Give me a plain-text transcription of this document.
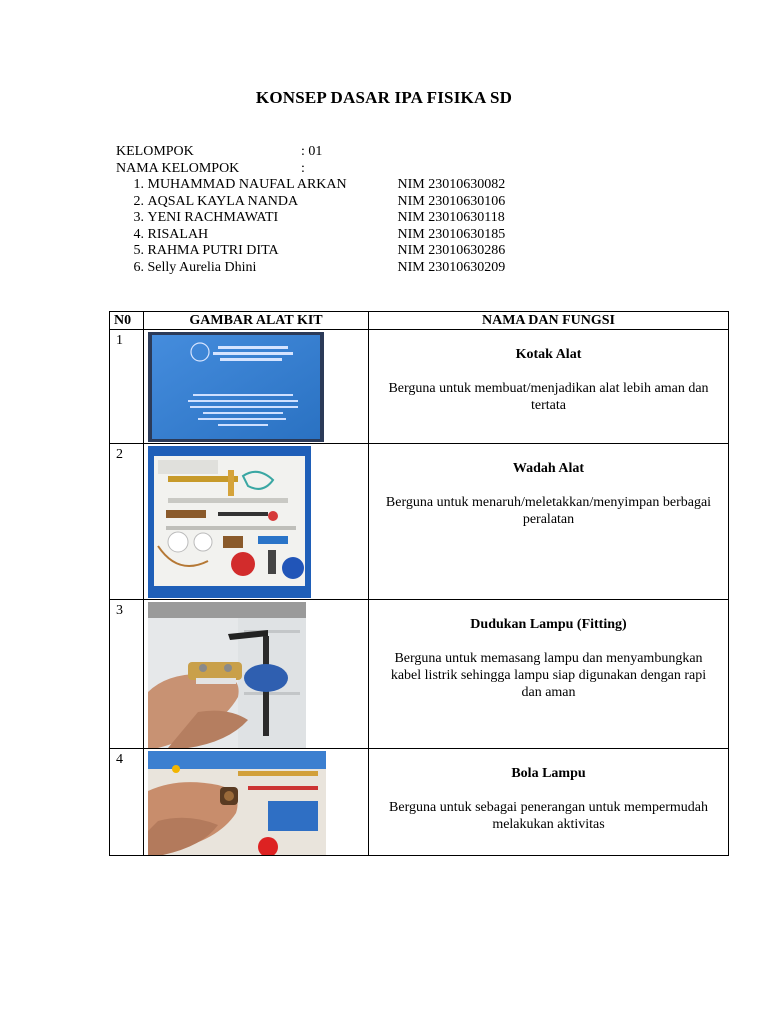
KONSEP DASAR IPA FISIKA SD
KELOMPOK	: 01
NAMA KELOMPOK	:
1.
MUHAMMAD NAUFAL ARKAN	NIM 23010630082
2.
AQSAL KAYLA NANDA	NIM 23010630106
3.
YENI RACHMAWATI	NIM 23010630118
4.
RISALAH	NIM 23010630185
5.
RAHMA PUTRI DITA	NIM 23010630286
6.
Selly Aurelia Dhini	NIM 23010630209
N0	GAMBAR ALAT KIT	NAMA DAN FUNGSI
1		Kotak Alat
Berguna untuk membuat/menjadikan alat lebih aman dan tertata

2		Wadah Alat
Berguna untuk menaruh/meletakkan/menyimpan berbagai peralatan

3		Dudukan Lampu (Fitting)
Berguna untuk memasang lampu dan menyambungkan kabel listrik sehingga lampu siap digunakan dengan rapi dan aman

4		Bola Lampu
Berguna untuk sebagai penerangan untuk mempermudah melakukan aktivitas
